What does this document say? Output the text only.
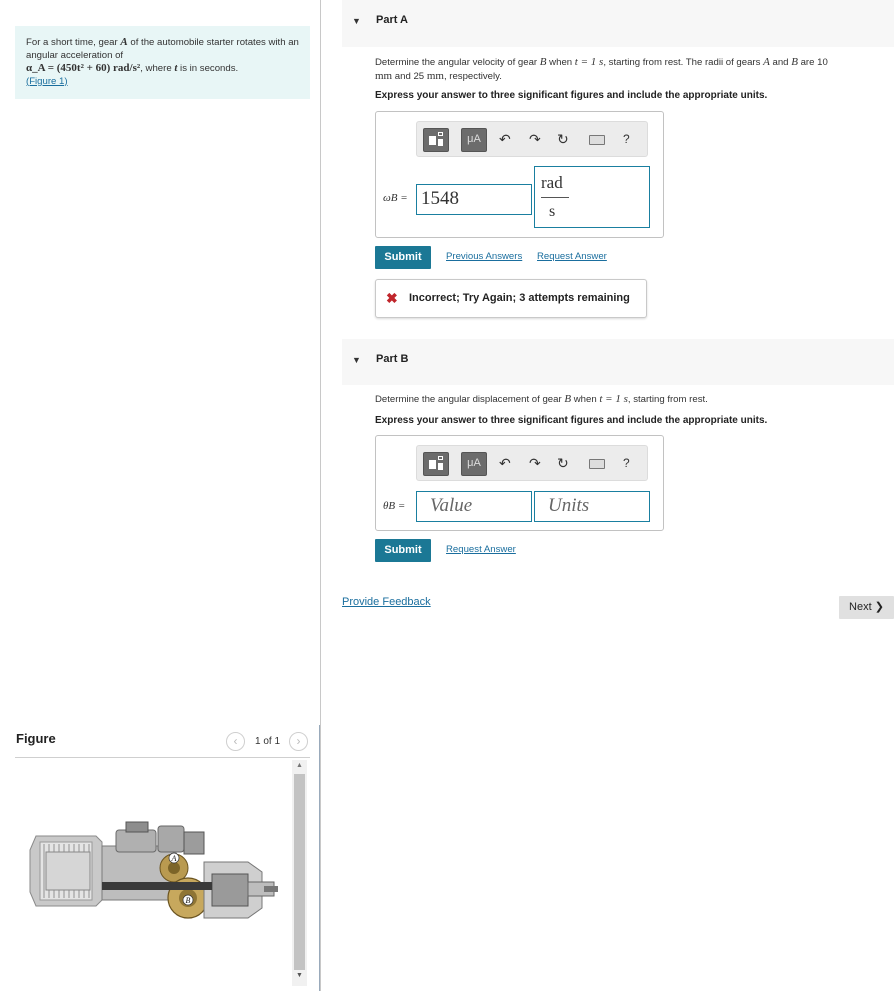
For a short time, gear A of the automobile starter rotates with an angular acceleration of
α_A = (450t² + 60) rad/s², where t is in seconds.
(Figure 1)
Figure	‹	1 of 1	›
A
B
▲
▼
▼ Part A
Determine the angular velocity of gear B when t = 1 s, starting from rest. The radii of gears A and B are 10
mm and 25 mm, respectively.
Express your answer to three significant figures and include the appropriate units.
μA	↶ ↷ ↻	?
ωB = 1548
rad
s
Submit	Previous Answers Request Answer
✖ Incorrect; Try Again; 3 attempts remaining
▼ Part B
Determine the angular displacement of gear B when t = 1 s, starting from rest.
Express your answer to three significant figures and include the appropriate units.
μA	↶ ↷ ↻	?
θB =	Value	Units
Submit	Request Answer
Provide Feedback	Next ❯
